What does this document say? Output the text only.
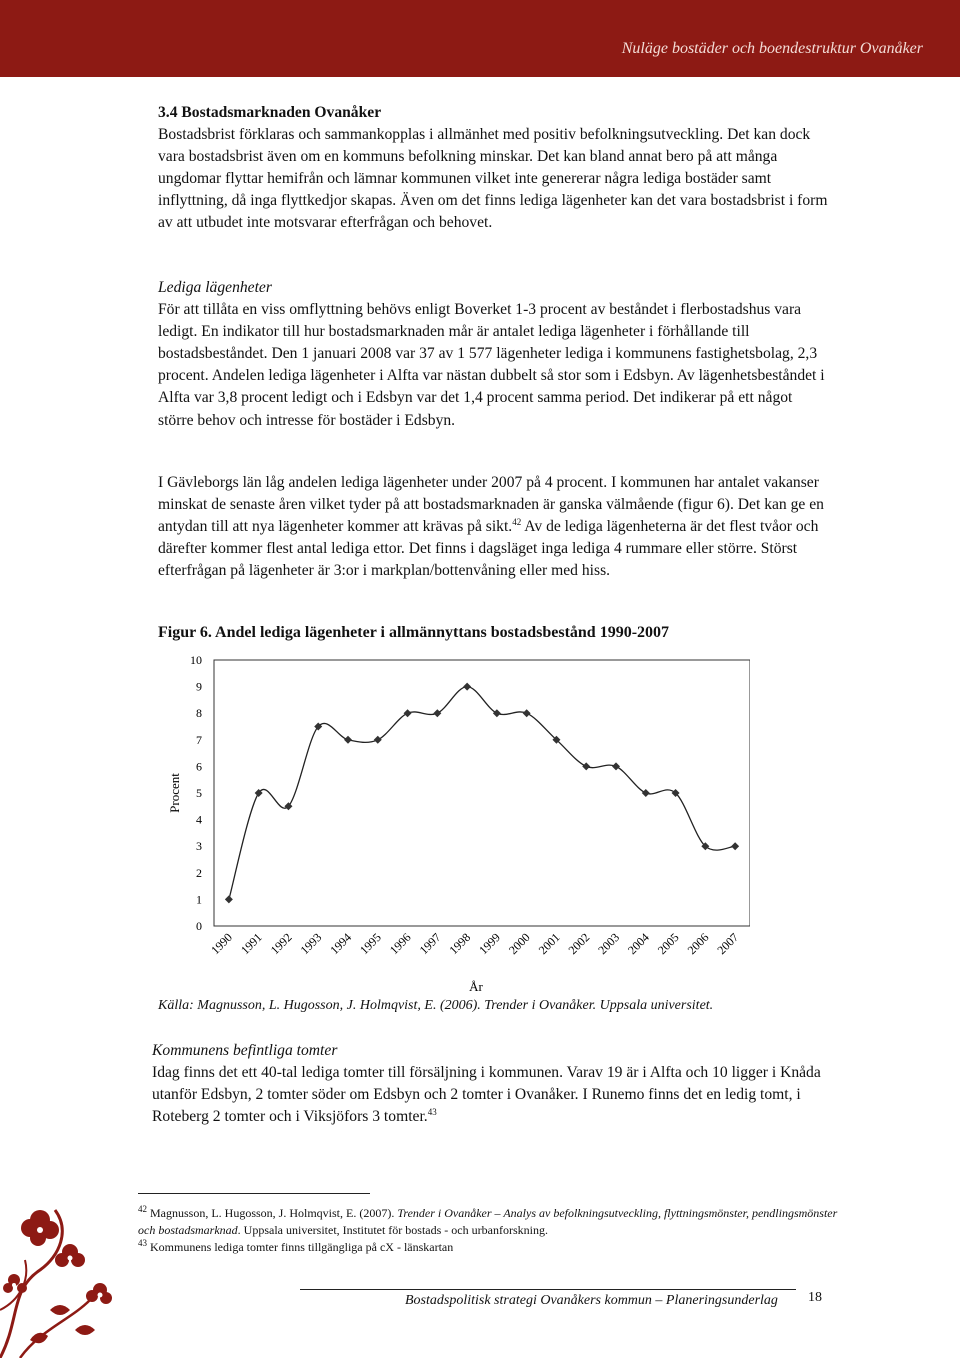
Nuläge bostäder och boendestruktur Ovanåker

3.4 Bostadsmarknaden Ovanåker

Bostadsbrist förklaras och sammankopplas i allmänhet med positiv befolkningsutveckling. Det kan dock vara bostadsbrist även om en kommuns befolkning minskar. Det kan bland annat bero på att många ungdomar flyttar hemifrån och lämnar kommunen vilket inte genererar några lediga bostäder samt inflyttning, då inga flyttkedjor skapas. Även om det finns lediga lägenheter kan det vara bostadsbrist i form av att utbudet inte motsvarar efterfrågan och behovet.

Lediga lägenheter

För att tillåta en viss omflyttning behövs enligt Boverket 1-3 procent av beståndet i flerbostadshus vara ledigt. En indikator till hur bostadsmarknaden mår är antalet lediga lägenheter i förhållande till bostadsbeståndet. Den 1 januari 2008 var 37 av 1 577 lägenheter lediga i kommunens fastighetsbolag, 2,3 procent. Andelen lediga lägenheter i Alfta var nästan dubbelt så stor som i Edsbyn. Av lägenhetsbeståndet i Alfta var 3,8 procent ledigt och i Edsbyn var det 1,4 procent samma period. Det indikerar på ett något större behov och intresse för bostäder i Edsbyn.

I Gävleborgs län låg andelen lediga lägenheter under 2007 på 4 procent. I kommunen har antalet vakanser minskat de senaste åren vilket tyder på att bostadsmarknaden är ganska välmående (figur 6). Det kan ge en antydan till att nya lägenheter kommer att krävas på sikt.$^{42}$ Av de lediga lägenheterna är det flest tvåor och därefter kommer flest antal lediga ettor. Det finns i dagsläget inga lediga 4 rummare eller större. Störst efterfrågan på lägenheter är 3:or i markplan/bottenvåning eller med hiss.

Figur 6. Andel lediga lägenheter i allmännyttans bostadsbestånd 1990-2007
0
1
2
3
4
5
6
7
8
9
10
1990 1991 1992 1993 1994 1995 1996 1997 1998 1999 2000 2001 2002 2003 2004 2005 2006 2007
Procent
År
Källa: Magnusson, L. Hugosson, J. Holmqvist, E. (2006). Trender i Ovanåker. Uppsala universitet.

Kommunens befintliga tomter

Idag finns det ett 40-tal lediga tomter till försäljning i kommunen. Varav 19 är i Alfta och 10 ligger i Knåda utanför Edsbyn, 2 tomter söder om Edsbyn och 2 tomter i Ovanåker. I Runemo finns det en ledig tomt, i Roteberg 2 tomter och i Viksjöfors 3 tomter.$^{43}$

$^{42}$ Magnusson, L. Hugosson, J. Holmqvist, E. (2007). Trender i Ovanåker – Analys av befolkningsutveckling, flyttningsmönster, pendlingsmönster och bostadsmarknad. Uppsala universitet, Institutet för bostads - och urbanforskning.

$^{43}$ Kommunens lediga tomter finns tillgängliga på cX - länskartan

Bostadspolitisk strategi Ovanåkers kommun – Planeringsunderlag 18
